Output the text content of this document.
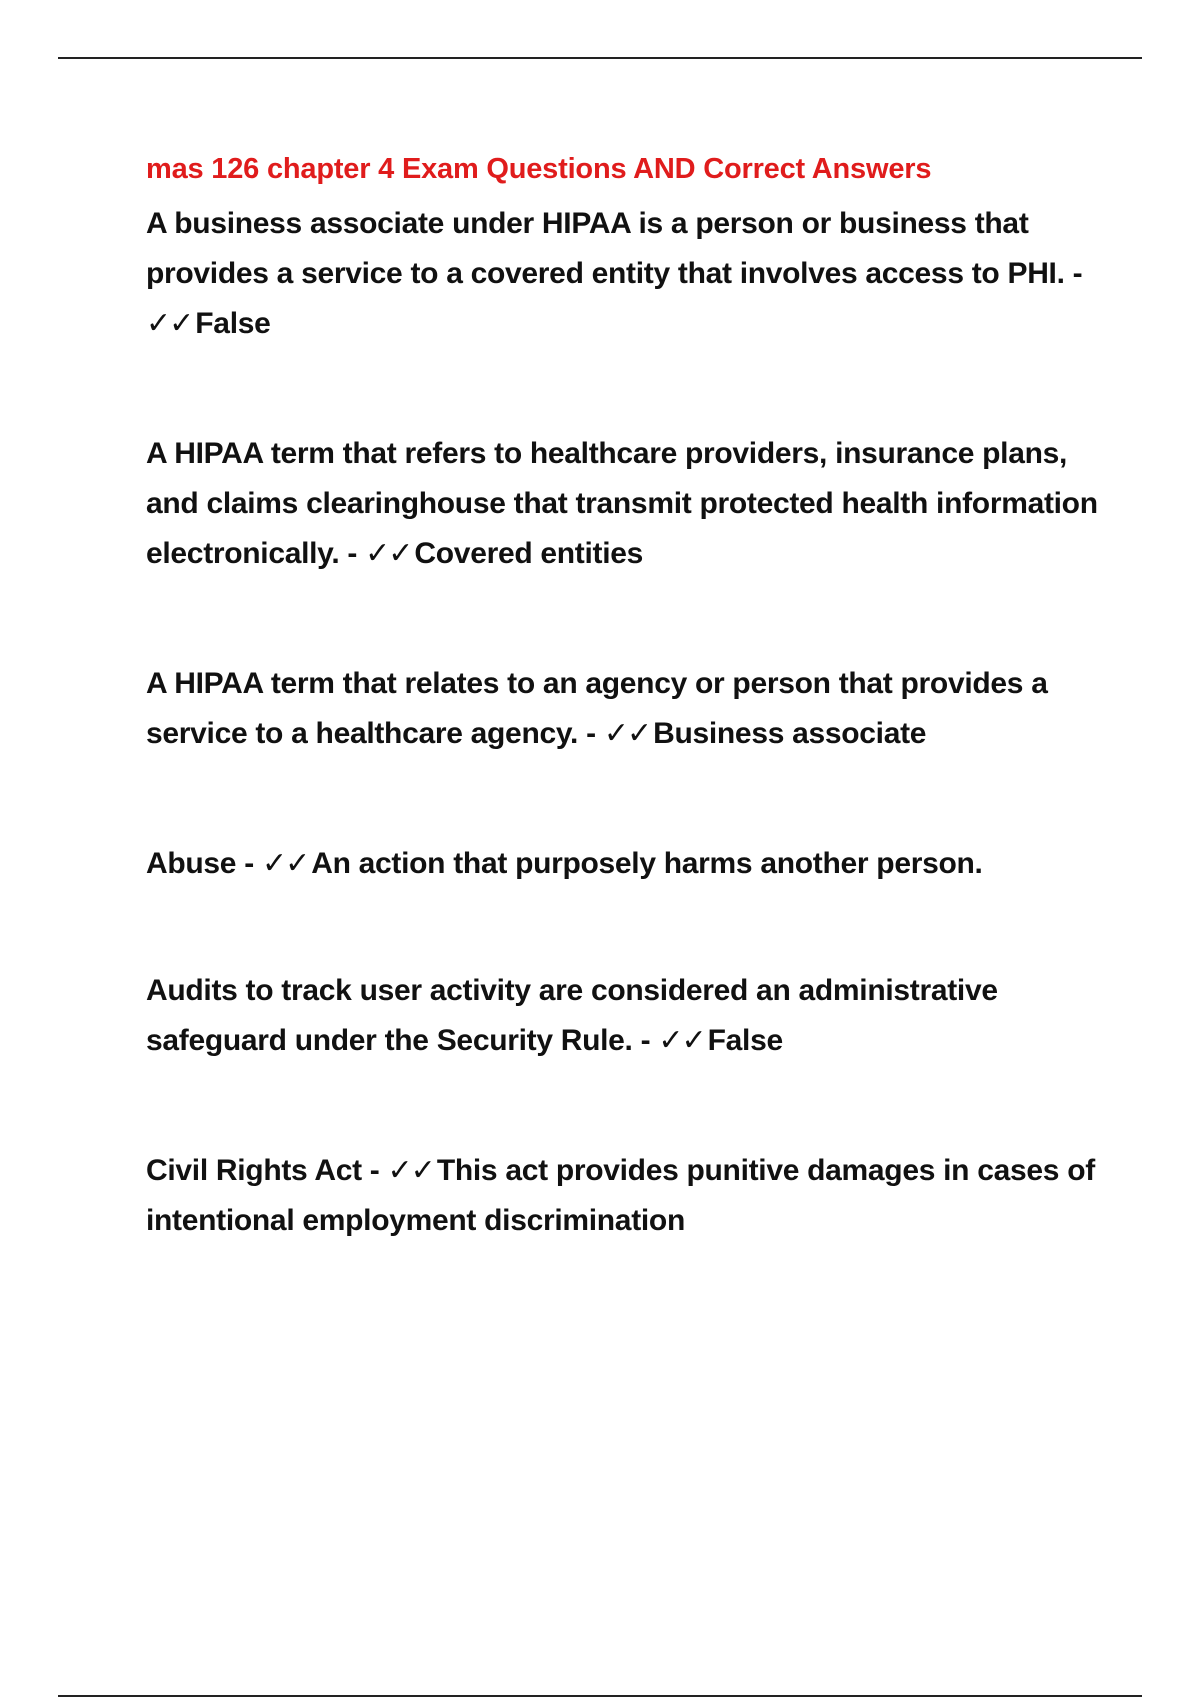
mas 126 chapter 4 Exam Questions AND Correct Answers

A business associate under HIPAA is a person or business that provides a service to a covered entity that involves access to PHI. - ✓✓ False

A HIPAA term that refers to healthcare providers, insurance plans, and claims clearinghouse that transmit protected health information electronically. - ✓✓ Covered entities

A HIPAA term that relates to an agency or person that provides a service to a healthcare agency. - ✓✓ Business associate

Abuse - ✓✓ An action that purposely harms another person.

Audits to track user activity are considered an administrative safeguard under the Security Rule. - ✓✓ False

Civil Rights Act - ✓✓ This act provides punitive damages in cases of intentional employment discrimination
